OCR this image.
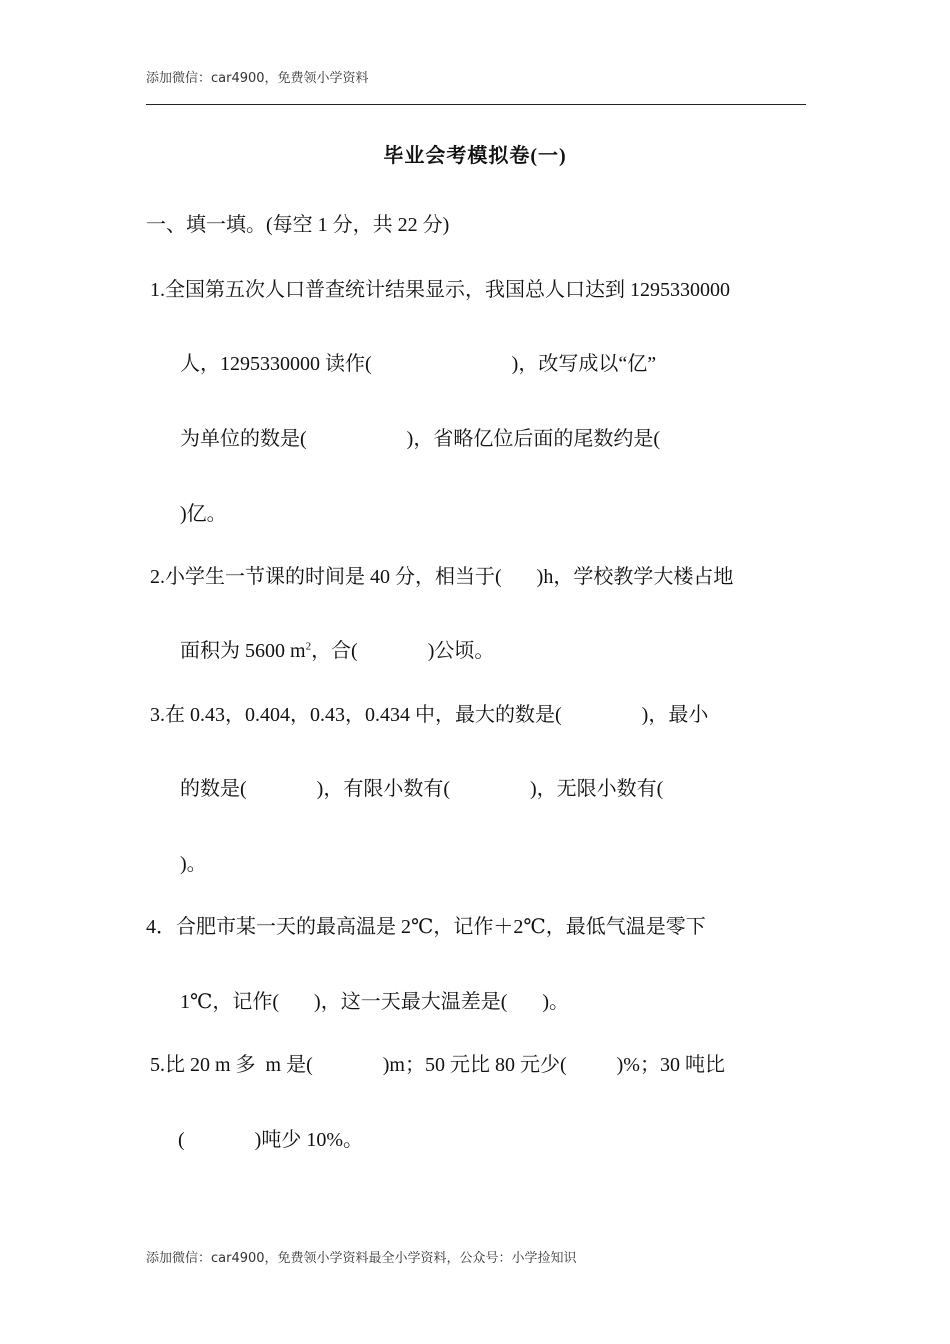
添加微信：car4900，免费领小学资料
毕业会考模拟卷(一)
一、填一填。(每空 1 分，共 22 分)
1.全国第五次人口普查统计结果显示，我国总人口达到 1295330000
人，1295330000 读作(                            )，改写成以“亿”
为单位的数是(                    )，省略亿位后面的尾数约是(
)亿。
2.小学生一节课的时间是 40 分，相当于(       )h，学校教学大楼占地
面积为 5600 $m^2$，合(              )公顷。
3.在 0.43，0.404，0.43，0.434 中，最大的数是(                )，最小
的数是(              )，有限小数有(                )，无限小数有(
)。
4．合肥市某一天的最高温是 2℃，记作＋2℃，最低气温是零下
1℃，记作(       )，这一天最大温差是(       )。
5.比 20 m 多  m 是(              )m；50 元比 80 元少(          )%；30 吨比
(              )吨少 10%。
添加微信：car4900，免费领小学资料最全小学资料，公众号：小学捡知识
